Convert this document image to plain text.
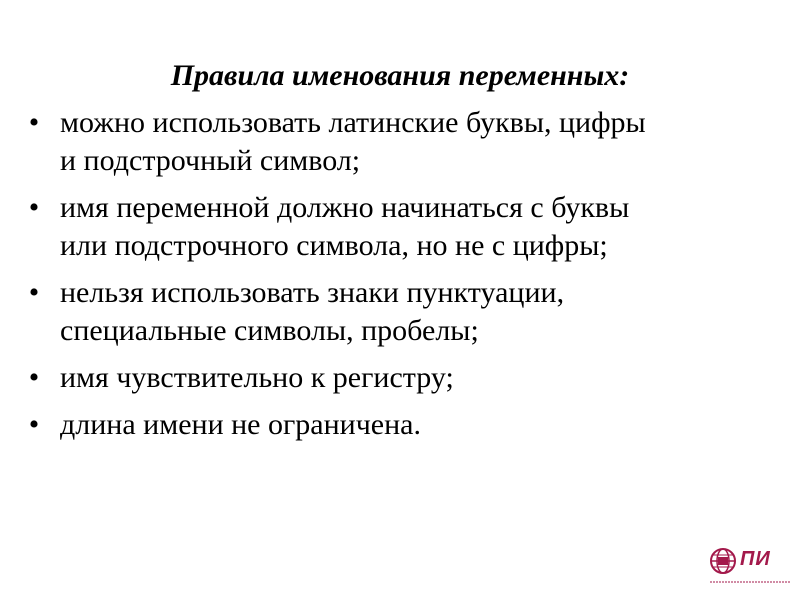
Правила именования переменных:
• можно использовать латинские буквы, цифры
и подстрочный символ;
• имя переменной должно начинаться с буквы
или подстрочного символа, но не с цифры;
• нельзя использовать знаки пунктуации,
специальные символы, пробелы;
• имя чувствительно к регистру;
• длина имени не ограничена.
ПИ
